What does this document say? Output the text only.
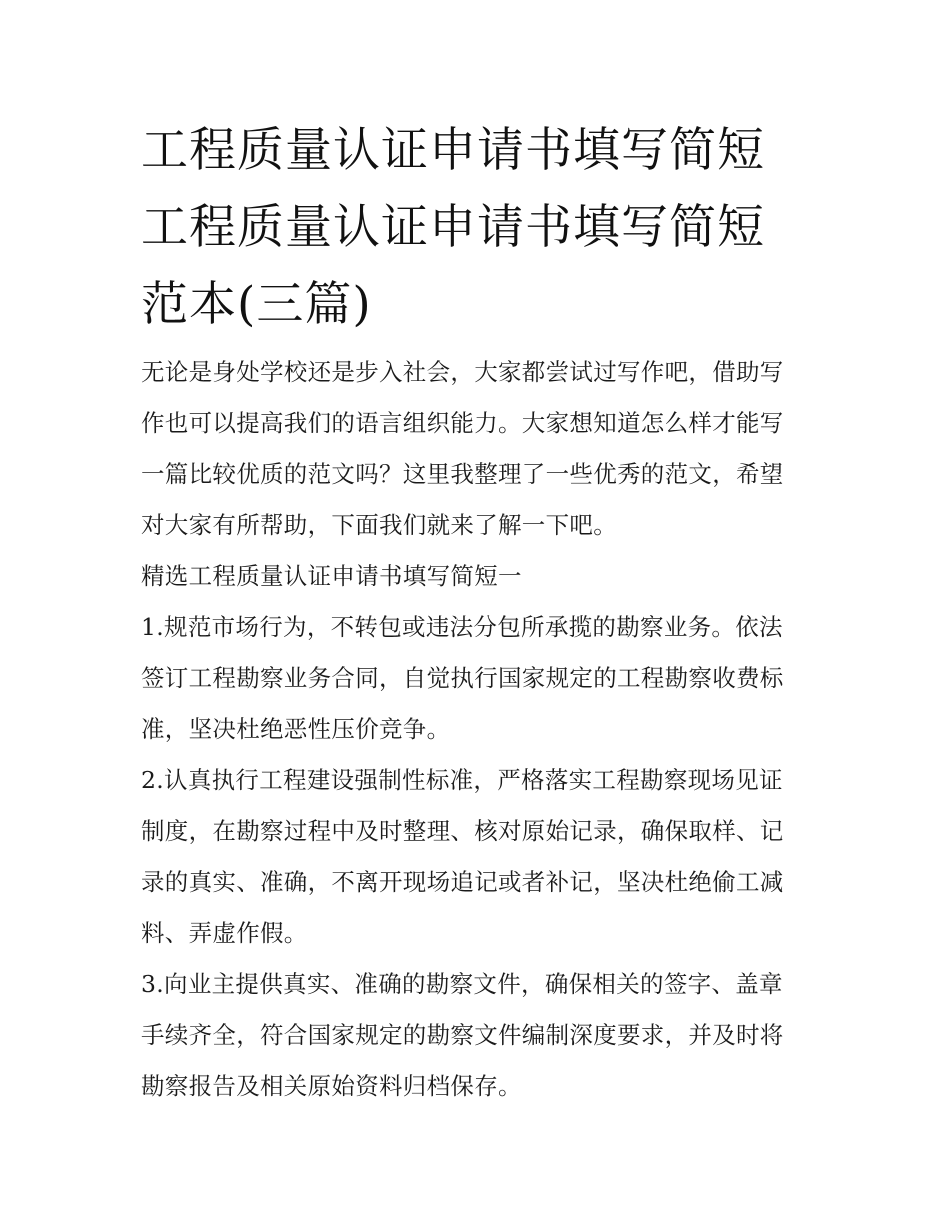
工程质量认证申请书填写简短
工程质量认证申请书填写简短
范本(三篇)
无论是身处学校还是步入社会，大家都尝试过写作吧，借助写
作也可以提高我们的语言组织能力。大家想知道怎么样才能写
一篇比较优质的范文吗？这里我整理了一些优秀的范文，希望
对大家有所帮助，下面我们就来了解一下吧。
精选工程质量认证申请书填写简短一
1.规范市场行为，不转包或违法分包所承揽的勘察业务。依法
签订工程勘察业务合同，自觉执行国家规定的工程勘察收费标
准，坚决杜绝恶性压价竞争。
2.认真执行工程建设强制性标准，严格落实工程勘察现场见证
制度，在勘察过程中及时整理、核对原始记录，确保取样、记
录的真实、准确，不离开现场追记或者补记，坚决杜绝偷工减
料、弄虚作假。
3.向业主提供真实、准确的勘察文件，确保相关的签字、盖章
手续齐全，符合国家规定的勘察文件编制深度要求，并及时将
勘察报告及相关原始资料归档保存。
